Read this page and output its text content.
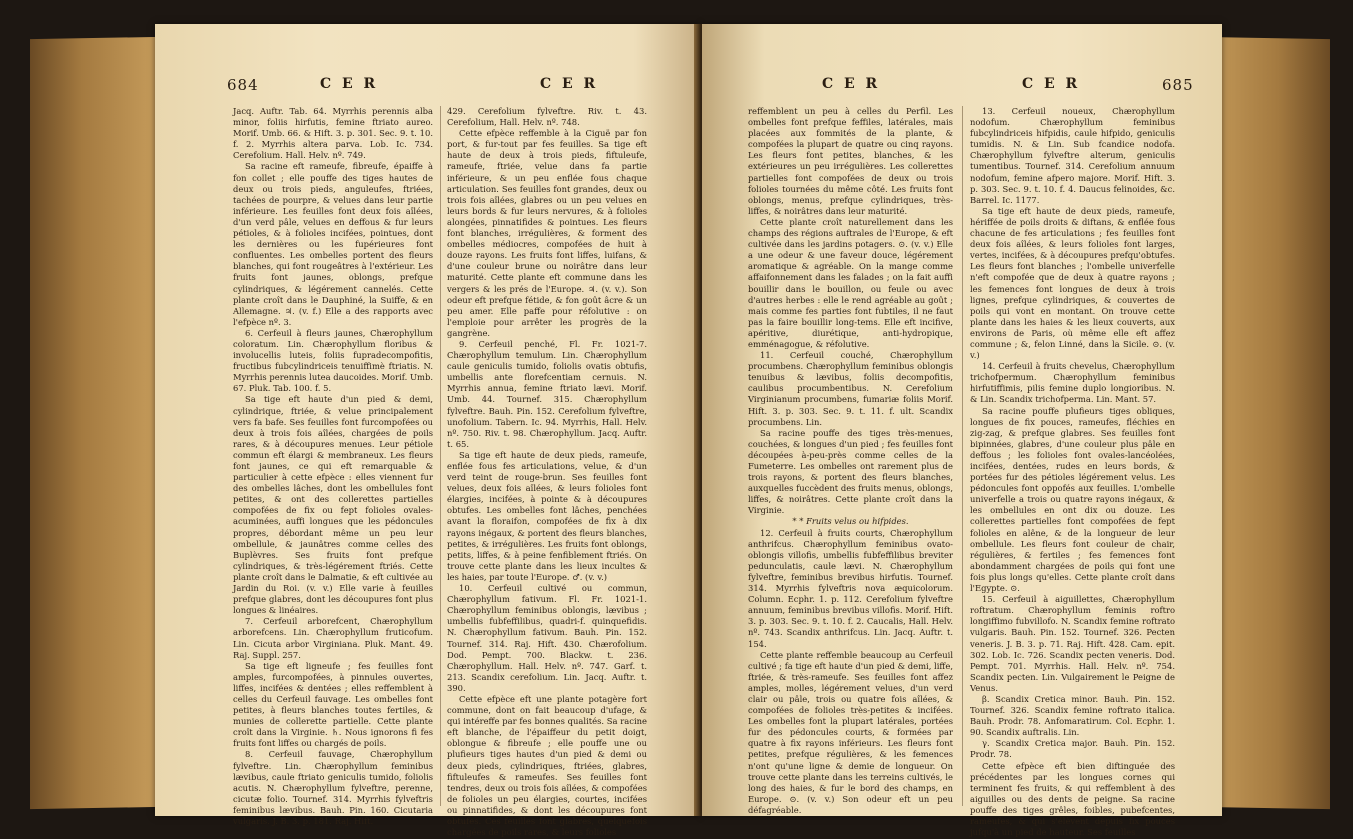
684	C E R	C E R

Jacq. Auftr. Tab. 64. Myrrhis perennis alba minor, foliis hirfutis, femine ftriato aureo. Morif. Umb. 66. & Hift. 3. p. 301. Sec. 9. t. 10. f. 2. Myrrhis altera parva. Lob. Ic. 734. Cerefolium. Hall. Helv. nº. 749.

Sa racine eft rameufe, fibreufe, épaiffe à fon collet ; elle pouffe des tiges hautes de deux ou trois pieds, anguleufes, ftriées, tachées de pourpre, & velues dans leur partie inférieure. Les feuilles font deux fois aîlées, d'un verd pâle, velues en deffous & fur leurs pétioles, & à folioles incifées, pointues, dont les dernières ou les fupérieures font confluentes. Les ombelles portent des fleurs blanches, qui font rougeâtres à l'extérieur. Les fruits font jaunes, oblongs, prefque cylindriques, & légérement cannelés. Cette plante croît dans le Dauphiné, la Suiffe, & en Allemagne. ♃. (v. f.) Elle a des rapports avec l'efpèce nº. 3.

6. Cerfeuil à fleurs jaunes, Chærophyllum coloratum. Lin. Chærophyllum floribus & involucellis luteis, foliis fupradecompofitis, fructibus fubcylindriceis tenuiffimè ftriatis. N. Myrrhis perennis lutea daucoides. Morif. Umb. 67. Pluk. Tab. 100. f. 5.

Sa tige eft haute d'un pied & demi, cylindrique, ftriée, & velue principalement vers fa bafe. Ses feuilles font furcompofées ou deux à trois fois aîlées, chargées de poils rares, & à découpures menues. Leur pétiole commun eft élargi & membraneux. Les fleurs font jaunes, ce qui eft remarquable & particulier à cette efpèce : elles viennent fur des ombelles lâches, dont les ombellules font petites, & ont des collerettes partielles compofées de fix ou fept folioles ovales-acuminées, auffi longues que les pédoncules propres, débordant même un peu leur ombellule, & jaunâtres comme celles des Buplèvres. Ses fruits font prefque cylindriques, & très-légérement ftriés. Cette plante croît dans le Dalmatie, & eft cultivée au Jardin du Roi. (v. v.) Elle varie à feuilles prefque glabres, dont les découpures font plus longues & linéaires.

7. Cerfeuil arborefcent, Chærophyllum arborefcens. Lin. Chærophyllum fruticofum. Lin. Cicuta arbor Virginiana. Pluk. Mant. 49. Raj. Suppl. 257.

Sa tige eft ligneufe ; fes feuilles font amples, furcompofées, à pinnules ouvertes, liffes, incifées & dentées ; elles reffemblent à celles du Cerfeuil fauvage. Les ombelles font petites, à fleurs blanches toutes fertiles, & munies de collerette partielle. Cette plante croît dans la Virginie. ♄. Nous ignorons fi fes fruits font liffes ou chargés de poils.

8. Cerfeuil fauvage, Chærophyllum fylveftre. Lin. Chærophyllum feminibus lævibus, caule ftriato geniculis tumido, foliolis acutis. N. Chærophyllum fylveftre, perenne, cicutæ folio. Tournef. 314. Myrrhis fylveftris feminibus lævibus. Bauh. Pin. 160. Cicutaria vulgaris. J. B. 3. p. 181. Raj. Hift.

429. Cerefolium fylveftre. Riv. t. 43. Cerefolium, Hall. Helv. nº. 748.

Cette efpèce reffemble à la Ciguë par fon port, & fur-tout par fes feuilles. Sa tige eft haute de deux à trois pieds, fiftuleufe, rameufe, ftriée, velue dans fa partie inférieure, & un peu enflée fous chaque articulation. Ses feuilles font grandes, deux ou trois fois aîlées, glabres ou un peu velues en leurs bords & fur leurs nervures, & à folioles alongées, pinnatifides & pointues. Les fleurs font blanches, irrégulières, & forment des ombelles médiocres, compofées de huit à douze rayons. Les fruits font liffes, luifans, & d'une couleur brune ou noirâtre dans leur maturité. Cette plante eft commune dans les vergers & les prés de l'Europe. ♃. (v. v.). Son odeur eft prefque fétide, & fon goût âcre & un peu amer. Elle paffe pour réfolutive : on l'emploie pour arrêter les progrès de la gangrène.

9. Cerfeuil penché, Fl. Fr. 1021-7. Chærophyllum temulum. Lin. Chærophyllum caule geniculis tumido, foliolis ovatis obtufis, umbellis ante florefcentiam cernuis. N. Myrrhis annua, femine ftriato lævi. Morif. Umb. 44. Tournef. 315. Chærophyllum fylveftre. Bauh. Pin. 152. Cerefolium fylveftre, unofolium. Tabern. Ic. 94. Myrrhis, Hall. Helv. nº. 750. Riv. t. 98. Chærophyllum. Jacq. Auftr. t. 65.

Sa tige eft haute de deux pieds, rameufe, enflée fous fes articulations, velue, & d'un verd teint de rouge-brun. Ses feuilles font velues, deux fois aîlées, & leurs folioles font élargies, incifées, à pointe & à découpures obtufes. Les ombelles font lâches, penchées avant la floraifon, compofées de fix à dix rayons inégaux, & portent des fleurs blanches, petites, & irrégulières. Les fruits font oblongs, petits, liffes, & à peine fenfiblement ftriés. On trouve cette plante dans les lieux incultes & les haies, par toute l'Europe. ♂. (v. v.)

10. Cerfeuil cultivé ou commun, Chærophyllum fativum. Fl. Fr. 1021-1. Chærophyllum feminibus oblongis, lævibus ; umbellis fubfeffilibus, quadri-f. quinquefidis. N. Chærophyllum fativum. Bauh. Pin. 152. Tournef. 314. Raj. Hift. 430. Chærofolium. Dod. Pempt. 700. Blackw. t. 236. Chærophyllum. Hall. Helv. nº. 747. Garf. t. 213. Scandix cerefolium. Lin. Jacq. Auftr. t. 390.

Cette efpèce eft une plante potagère fort commune, dont on fait beaucoup d'ufage, & qui intéreffe par fes bonnes qualités. Sa racine eft blanche, de l'épaiffeur du petit doigt, oblongue & fibreufe ; elle pouffe une ou plufieurs tiges hautes d'un pied & demi ou deux pieds, cylindriques, ftriées, glabres, fiftuleufes & rameufes. Ses feuilles font tendres, deux ou trois fois aîlées, & compofées de folioles un peu élargies, courtes, incifées ou pinnatifides, & dont les découpures font obtufes. Ces feuilles font glabres, quelquefois chargées de poils rares, & leurs folioles

C E R	C E R	685

reffemblent un peu à celles du Perfil. Les ombelles font prefque feffiles, latérales, mais placées aux fommités de la plante, & compofées la plupart de quatre ou cinq rayons. Les fleurs font petites, blanches, & les extérieures un peu irrégulières. Les collerettes partielles font compofées de deux ou trois folioles tournées du même côté. Les fruits font oblongs, menus, prefque cylindriques, très-liffes, & noirâtres dans leur maturité.

Cette plante croît naturellement dans les champs des régions auftrales de l'Europe, & eft cultivée dans les jardins potagers. ⊙. (v. v.) Elle a une odeur & une faveur douce, légérement aromatique & agréable. On la mange comme affaifonnement dans les falades ; on la fait auffi bouillir dans le bouillon, ou feule ou avec d'autres herbes : elle le rend agréable au goût ; mais comme fes parties font fubtiles, il ne faut pas la faire bouillir long-tems. Elle eft incifive, apéritive, diurétique, anti-hydropique, emménagogue, & réfolutive.

11. Cerfeuil couché, Chærophyllum procumbens. Chærophyllum feminibus oblongis tenuibus & lævibus, foliis decompofitis, caulibus procumbentibus. N. Cerefolium Virginianum procumbens, fumariæ foliis Morif. Hift. 3. p. 303. Sec. 9. t. 11. f. ult. Scandix procumbens. Lin.

Sa racine pouffe des tiges très-menues, couchées, & longues d'un pied ; fes feuilles font découpées à-peu-près comme celles de la Fumeterre. Les ombelles ont rarement plus de trois rayons, & portent des fleurs blanches, auxquelles fuccèdent des fruits menus, oblongs, liffes, & noirâtres. Cette plante croît dans la Virginie.

* * Fruits velus ou hifpides.

12. Cerfeuil à fruits courts, Chærophyllum anthrifcus. Chærophyllum feminibus ovato-oblongis villofis, umbellis fubfeffilibus breviter pedunculatis, caule lævi. N. Chærophyllum fylveftre, feminibus brevibus hirfutis. Tournef. 314. Myrrhis fylveftris nova æquicolorum. Column. Ecphr. 1. p. 112. Cerefolium fylveftre annuum, feminibus brevibus villofis. Morif. Hift. 3. p. 303. Sec. 9. t. 10. f. 2. Caucalis, Hall. Helv. nº. 743. Scandix anthrifcus. Lin. Jacq. Auftr. t. 154.

Cette plante reffemble beaucoup au Cerfeuil cultivé ; fa tige eft haute d'un pied & demi, liffe, ftriée, & très-rameufe. Ses feuilles font affez amples, molles, légérement velues, d'un verd clair ou pâle, trois ou quatre fois aîlées, & compofées de folioles très-petites & incifées. Les ombelles font la plupart latérales, portées fur des pédoncules courts, & formées par quatre à fix rayons inférieurs. Les fleurs font petites, prefque régulières, & les femences n'ont qu'une ligne & demie de longueur. On trouve cette plante dans les terreins cultivés, le long des haies, & fur le bord des champs, en Europe. ⊙. (v. v.) Son odeur eft un peu défagréable.

13. Cerfeuil noueux, Chærophyllum nodofum. Chærophyllum feminibus fubcylindriceis hifpidis, caule hifpido, geniculis tumidis. N. & Lin. Sub fcandice nodofa. Chærophyllum fylveftre alterum, geniculis tumentibus. Tournef. 314. Cerefolium annuum nodofum, femine afpero majore. Morif. Hift. 3. p. 303. Sec. 9. t. 10. f. 4. Daucus felinoides, &c. Barrel. Ic. 1177.

Sa tige eft haute de deux pieds, rameufe, hériffée de poils droits & diftans, & enflée fous chacune de fes articulations ; fes feuilles font deux fois aîlées, & leurs folioles font larges, vertes, incifées, & à découpures prefqu'obtufes. Les fleurs font blanches ; l'ombelle univerfelle n'eft compofée que de deux à quatre rayons ; les femences font longues de deux à trois lignes, prefque cylindriques, & couvertes de poils qui vont en montant. On trouve cette plante dans les haies & les lieux couverts, aux environs de Paris, où même elle eft affez commune ; &, felon Linné, dans la Sicile. ⊙. (v. v.)

14. Cerfeuil à fruits chevelus, Chærophyllum trichofpermum. Chærophyllum feminibus hirfutiffimis, pilis femine duplo longioribus. N. & Lin. Scandix trichofperma. Lin. Mant. 57.

Sa racine pouffe plufieurs tiges obliques, longues de fix pouces, rameufes, fléchies en zig-zag, & prefque glabres. Ses feuilles font bipinnées, glabres, d'une couleur plus pâle en deffous ; les folioles font ovales-lancéolées, incifées, dentées, rudes en leurs bords, & portées fur des pétioles légérement velus. Les pédoncules font oppofés aux feuilles. L'ombelle univerfelle a trois ou quatre rayons inégaux, & les ombellules en ont dix ou douze. Les collerettes partielles font compofées de fept folioles en alêne, & de la longueur de leur ombellule. Les fleurs font couleur de chair, régulières, & fertiles ; fes femences font abondamment chargées de poils qui font une fois plus longs qu'elles. Cette plante croît dans l'Egypte. ⊙.

15. Cerfeuil à aiguillettes, Chærophyllum roftratum. Chærophyllum feminis roftro longiffimo fubvillofo. N. Scandix femine roftrato vulgaris. Bauh. Pin. 152. Tournef. 326. Pecten veneris. J. B. 3. p. 71. Raj. Hift. 428. Cam. epit. 302. Lob. Ic. 726. Scandix pecten veneris. Dod. Pempt. 701. Myrrhis. Hall. Helv. nº. 754. Scandix pecten. Lin. Vulgairement le Peigne de Venus.

β. Scandix Cretica minor. Bauh. Pin. 152. Tournef. 326. Scandix femine roftrato italica. Bauh. Prodr. 78. Anfomaratirum. Col. Ecphr. 1. 90. Scandix auftralis. Lin.

γ. Scandix Cretica major. Bauh. Pin. 152. Prodr. 78.

Cette efpèce eft bien diftinguée des précédentes par les longues cornes qui terminent fes fruits, & qui reffemblent à des aiguilles ou des dents de peigne. Sa racine pouffe des tiges grêles, foibles, pubefcentes, rameufes, & qui s'élèvent depuis fix pouces jufqu'à un pied de hauteur. Ses feuilles
